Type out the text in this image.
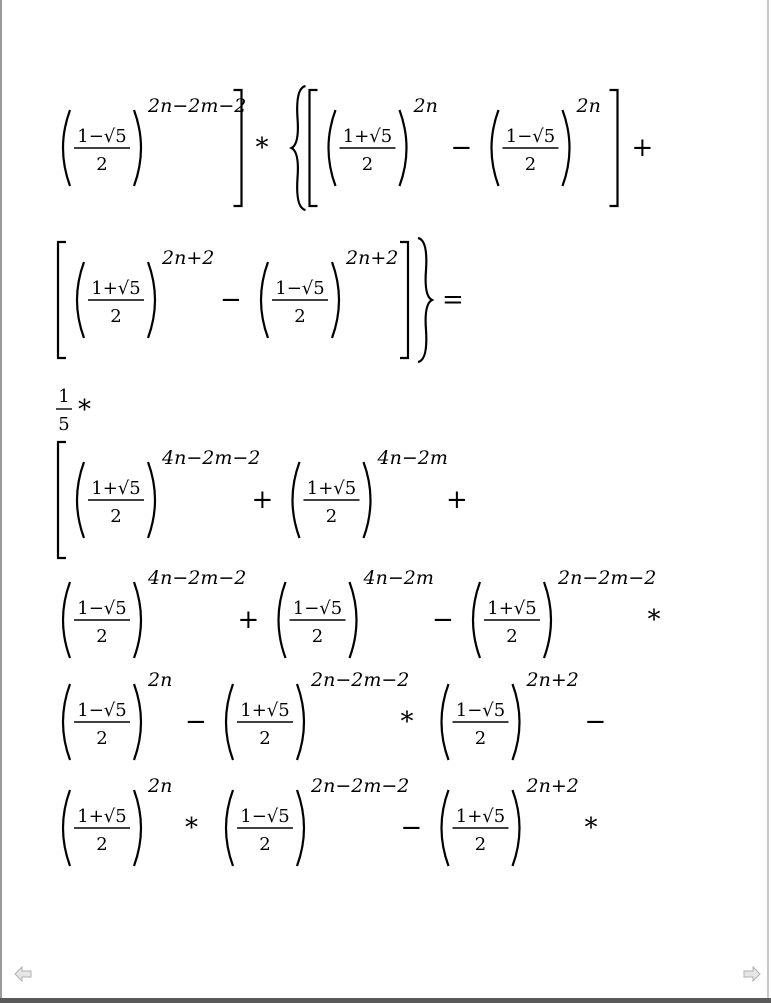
1−√5
2
2n−2m−2
*	1+√5
2
2n
− 1−√5
2
2n
+
1+√5
2
2n+2
− 1−√5
2
2n+2
=
1
5 *
1+√5
2
4n−2m−2
+ 1+√5
2
4n−2m
+
1−√5
2
4n−2m−2
+ 1−√5
2
4n−2m
− 1+√5
2
2n−2m−2
*
1−√5
2
2n
− 1+√5
2
2n−2m−2
* 1−√5
2
2n+2
−
1+√5
2
2n
* 1−√5
2
2n−2m−2
− 1+√5
2
2n+2
*
